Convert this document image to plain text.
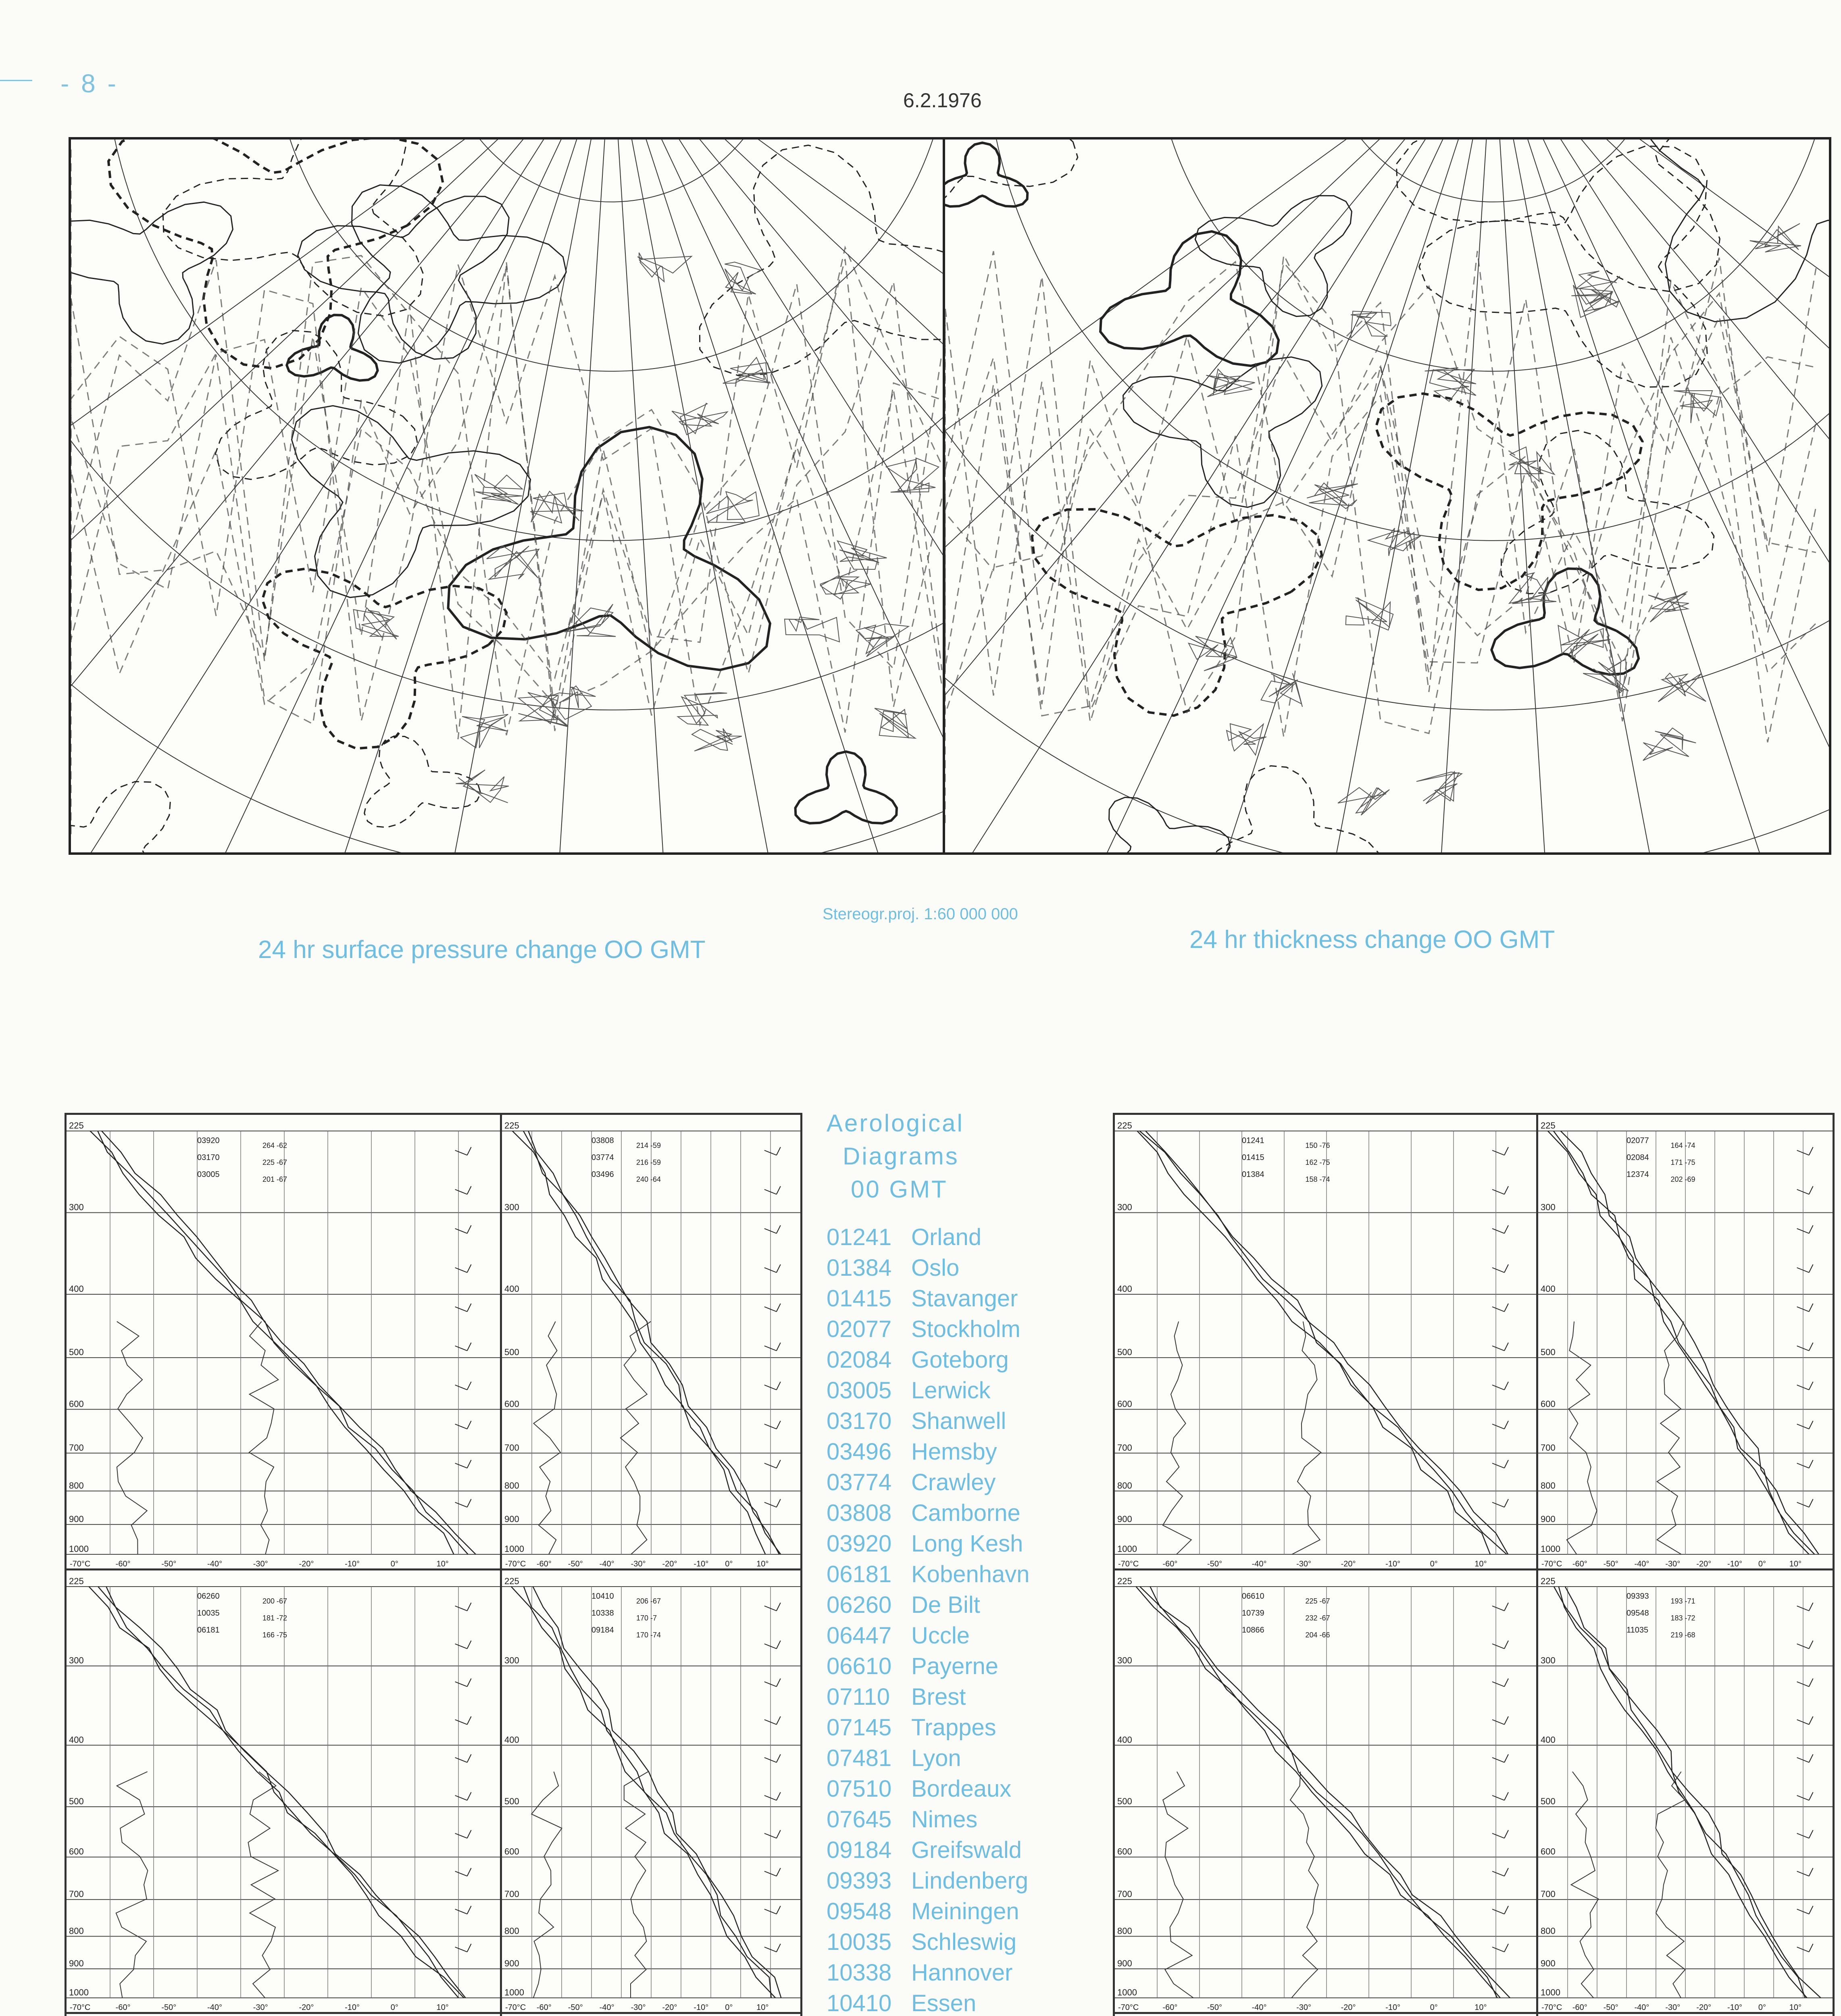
- 8 -
6.2.1976
Stereogr.proj. 1:60 000 000
24 hr surface pressure change OO GMT	24 hr thickness change OO GMT
225
300
400
500
600
700
800
900
1000
-70°C	-60°	-50°	-40°	-30°	-20°	-10°	0°	10°
03920
264 -62
03170
225 -67
03005
201 -67
225
300
400
500
600
700
800
900
1000
-70°C -60° -50° -40° -30° -20° -10° 0°	10°
03808
214 -59
03774
216 -59
03496
240 -64
225
300
400
500
600
700
800
900
1000
-70°C	-60°	-50°	-40°	-30°	-20°	-10°	0°	10°
01241
150 -76
01415
162 -75
01384
158 -74
225
300
400
500
600
700
800
900
1000
-70°C -60° -50° -40° -30° -20° -10° 0°	10°
02077
164 -74
02084
171 -75
12374
202 -69
225
300
400
500
600
700
800
900
1000
-70°C	-60°	-50°	-40°	-30°	-20°	-10°	0°	10°
06260
200 -67
10035
181 -72
06181
166 -75
225
300
400
500
600
700
800
900
1000
-70°C -60° -50° -40° -30° -20° -10° 0°	10°
10410
206 -67
10338
170 -7
09184
170 -74
225
300
400
500
600
700
800
900
1000
-70°C	-60°	-50°	-40°	-30°	-20°	-10°	0°	10°
06610
225 -67
10739
232 -67
10866
204 -66
225
300
400
500
600
700
800
900
1000
-70°C -60° -50° -40° -30° -20° -10° 0°	10°
09393
193 -71
09548
183 -72
11035
219 -68
Aerological
Diagrams
00 GMT
01241 Orland
01384 Oslo
01415 Stavanger
02077 Stockholm
02084 Goteborg
03005 Lerwick
03170 Shanwell
03496 Hemsby
03774 Crawley
03808 Camborne
03920 Long Kesh
06181 Kobenhavn
06260 De Bilt
06447 Uccle
06610 Payerne
07110 Brest
07145 Trappes
07481 Lyon
07510 Bordeaux
07645 Nimes
09184 Greifswald
09393 Lindenberg
09548 Meiningen
10035 Schleswig
10338 Hannover
10410 Essen
